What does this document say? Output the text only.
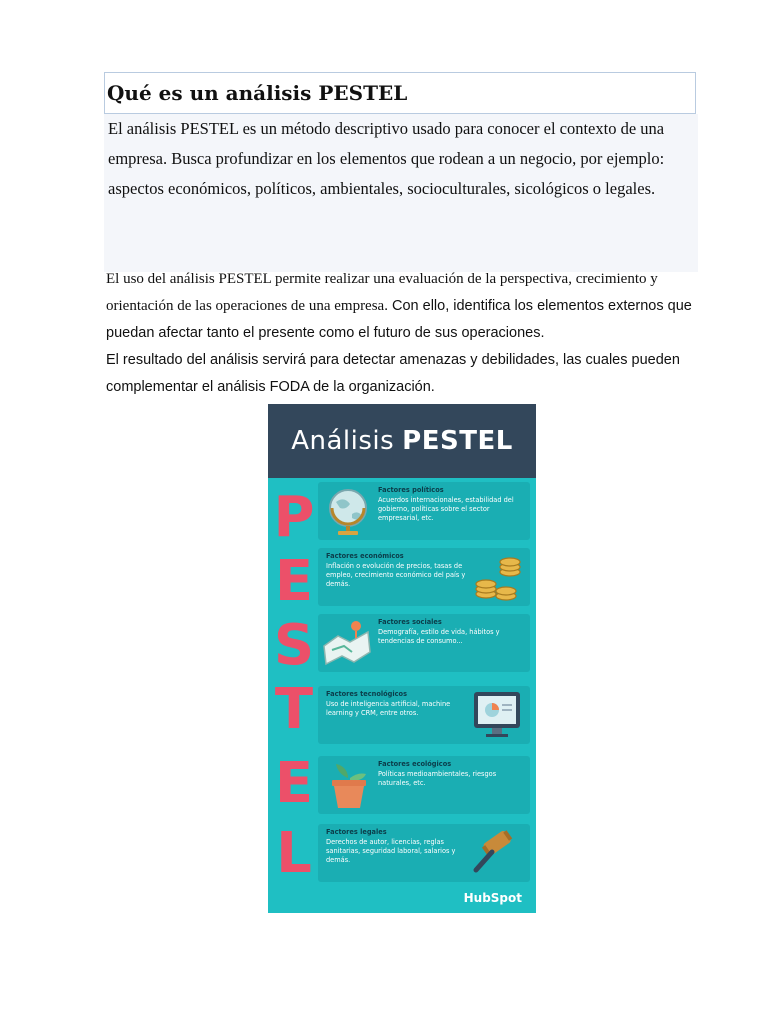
Qué es un análisis PESTEL

El análisis PESTEL es un método descriptivo usado para conocer el contexto de una empresa. Busca profundizar en los elementos que rodean a un negocio, por ejemplo: aspectos económicos, políticos, ambientales, socioculturales, sicológicos o legales.

El uso del análisis PESTEL permite realizar una evaluación de la perspectiva, crecimiento y orientación de las operaciones de una empresa. Con ello, identifica los elementos externos que puedan afectar tanto el presente como el futuro de sus operaciones.

El resultado del análisis servirá para detectar amenazas y debilidades, las cuales pueden complementar el análisis FODA de la organización.

Análisis PESTEL
P
E
S
T
E
L
Factores políticos
Acuerdos internacionales, estabilidad del gobierno, políticas sobre el sector empresarial, etc.
Factores económicos
Inflación o evolución de precios, tasas de empleo, crecimiento económico del país y demás.
Factores sociales
Demografía, estilo de vida, hábitos y tendencias de consumo...
Factores tecnológicos
Uso de inteligencia artificial, machine learning y CRM, entre otros.
Factores ecológicos
Políticas medioambientales, riesgos naturales, etc.
Factores legales
Derechos de autor, licencias, reglas sanitarias, seguridad laboral, salarios y demás.
HubSpot
